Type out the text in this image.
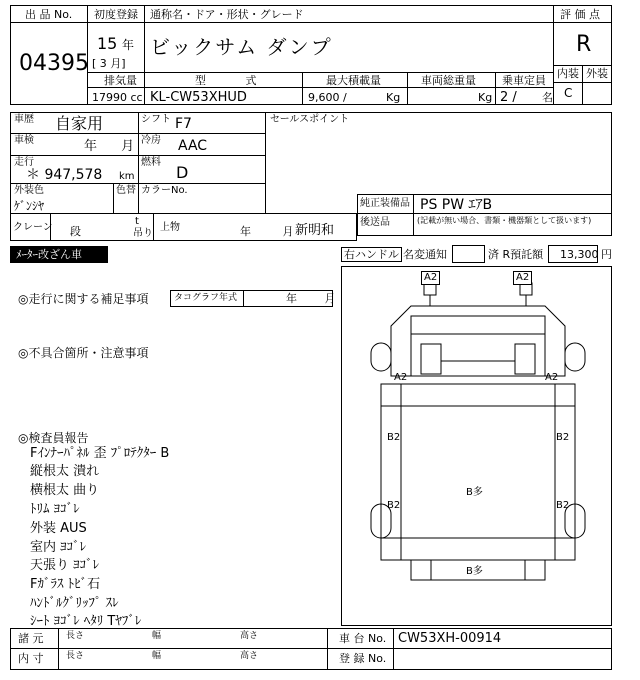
出 品 No.
04395
初度登録 通称名・ドア・形状・グレード
15 年
[ 3 月]
ビックサム ダンプ
評 価 点
R
内装 外装
C
排気量	型 式	最大積載量	車両総重量 乗車定員
17990 cc KL-CW53XHUD	9,600 /	Kg	Kg 2 / 名
車歴 自家用	シフト F7
車検	年 月 冷房 AAC
走行
＊ 947,578 km
燃料
D
外装色
ｹﾞﾝｼﾔ
色替 カラーNo.
セールスポイント
純正装備品 PS PW ｴｱB
後送品	(記載が無い場合、書類・機器類として扱います)
クレーン 段
t
吊り
上物	年 月 新明和
ﾒｰﾀｰ改ざん車	右ハンドル 名変通知	済 R預託額 13,300 円
◎走行に関する補足事項	タコグラフ年式	年 月
◎不具合箇所・注意事項
◎検査員報告
Fｲﾝﾅｰﾊﾟﾈﾙ 歪 ﾌﾟﾛﾃｸﾀｰ B
縦根太 潰れ
横根太 曲り
ﾄﾘﾑ ﾖｺﾞﾚ
外装 AUS
室内 ﾖｺﾞﾚ
天張り ﾖｺﾞﾚ
Fｶﾞﾗｽ ﾄﾋﾞ石
ﾊﾝﾄﾞﾙｸﾞﾘｯﾌﾟ ｽﾚ
ｼｰﾄ ﾖｺﾞﾚ ﾍﾀﾘ Tﾔﾌﾞﾚ
A2	A2
A2	A2
B2	B2
B2	B2
B多
B多
諸 元	長さ	幅	高さ	車 台 No. CW53XH-00914
内 寸	長さ	幅	高さ	登 録 No.
